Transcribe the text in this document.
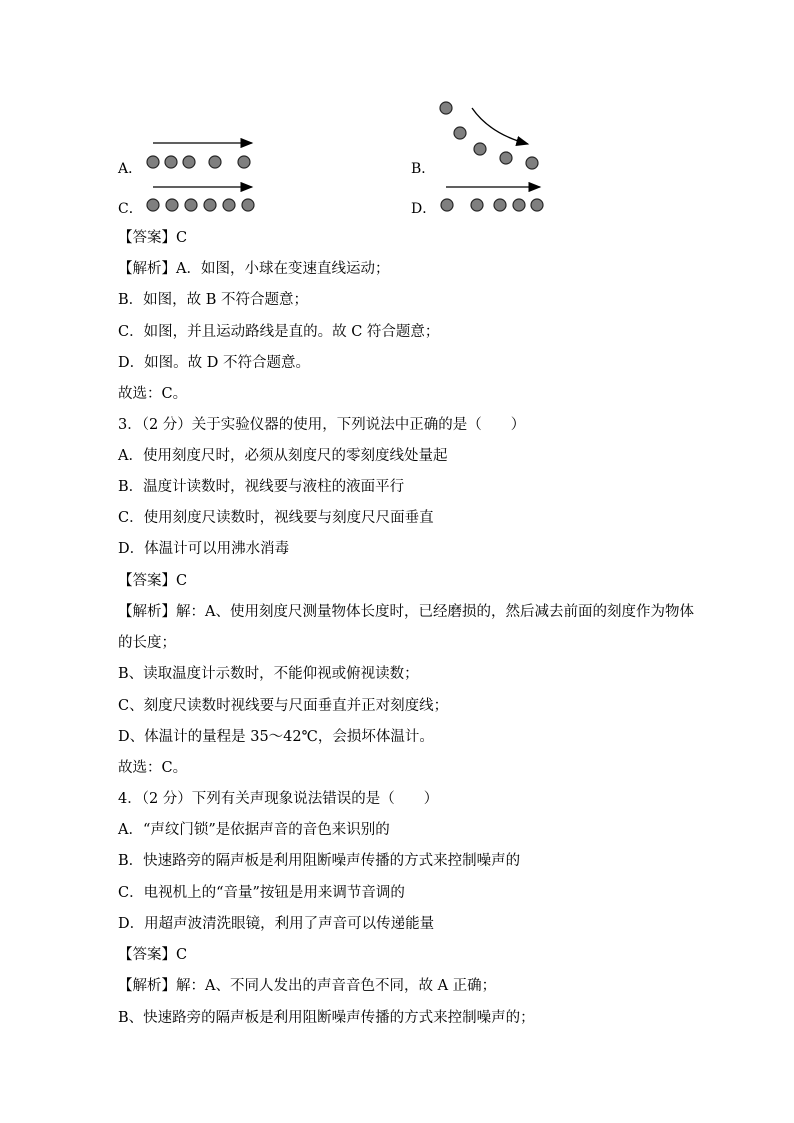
A．	B．
C．	D．
【答案】C
【解析】A．如图，小球在变速直线运动；
B．如图，故 B 不符合题意；
C．如图，并且运动路线是直的。故 C 符合题意；
D．如图。故 D 不符合题意。
故选：C。
3．（2 分）关于实验仪器的使用，下列说法中正确的是（　　）
A．使用刻度尺时，必须从刻度尺的零刻度线处量起
B．温度计读数时，视线要与液柱的液面平行
C．使用刻度尺读数时，视线要与刻度尺尺面垂直
D．体温计可以用沸水消毒
【答案】C
【解析】解：A、使用刻度尺测量物体长度时，已经磨损的，然后减去前面的刻度作为物体
的长度；
B、读取温度计示数时，不能仰视或俯视读数；
C、刻度尺读数时视线要与尺面垂直并正对刻度线；
D、体温计的量程是 35～42℃，会损坏体温计。
故选：C。
4．（2 分）下列有关声现象说法错误的是（　　）
A．“声纹门锁”是依据声音的音色来识别的
B．快速路旁的隔声板是利用阻断噪声传播的方式来控制噪声的
C．电视机上的“音量”按钮是用来调节音调的
D．用超声波清洗眼镜，利用了声音可以传递能量
【答案】C
【解析】解：A、不同人发出的声音音色不同，故 A 正确；
B、快速路旁的隔声板是利用阻断噪声传播的方式来控制噪声的；
